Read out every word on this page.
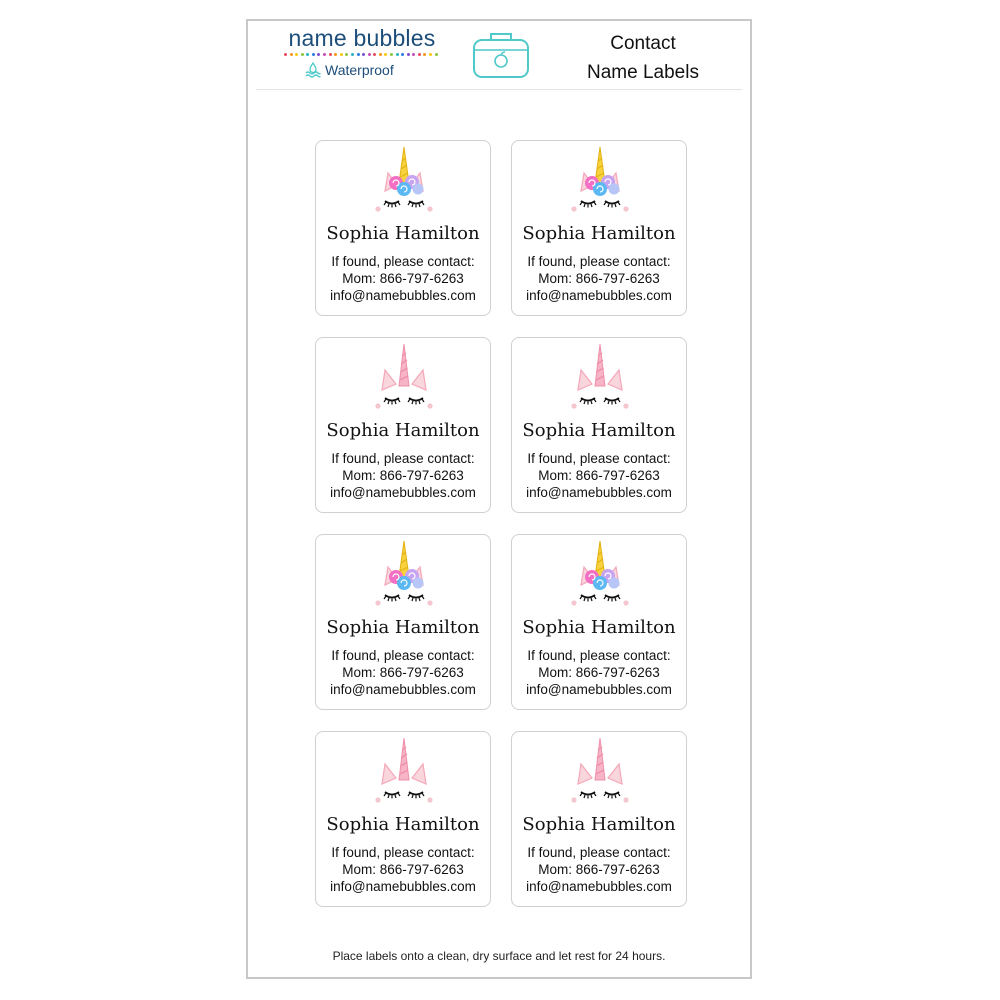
name bubbles
Waterproof
Contact
Name Labels
Sophia Hamilton
If found, please contact:
Mom: 866-797-6263
info@namebubbles.com
Sophia Hamilton
If found, please contact:
Mom: 866-797-6263
info@namebubbles.com
Sophia Hamilton
If found, please contact:
Mom: 866-797-6263
info@namebubbles.com
Sophia Hamilton
If found, please contact:
Mom: 866-797-6263
info@namebubbles.com
Sophia Hamilton
If found, please contact:
Mom: 866-797-6263
info@namebubbles.com
Sophia Hamilton
If found, please contact:
Mom: 866-797-6263
info@namebubbles.com
Sophia Hamilton
If found, please contact:
Mom: 866-797-6263
info@namebubbles.com
Sophia Hamilton
If found, please contact:
Mom: 866-797-6263
info@namebubbles.com
Place labels onto a clean, dry surface and let rest for 24 hours.
